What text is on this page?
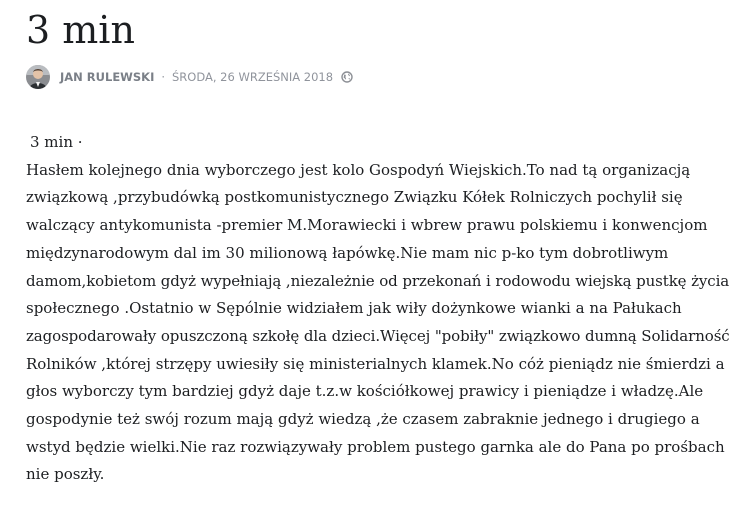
3 min
JAN RULEWSKI · ŚRODA, 26 WRZEŚNIA 2018
3 min ·

Hasłem kolejnego dnia wyborczego jest kolo Gospodyń Wiejskich.To nad tą organizacją

związkową ,przybudówką postkomunistycznego Związku Kółek Rolniczych pochylił się

walczący antykomunista -premier M.Morawiecki i wbrew prawu polskiemu i konwencjom

międzynarodowym dal im 30 milionową łapówkę.Nie mam nic p-ko tym dobrotliwym

damom,kobietom gdyż wypełniają ,niezależnie od przekonań i rodowodu wiejską pustkę życia

społecznego .Ostatnio w Sępólnie widziałem jak wiły dożynkowe wianki a na Pałukach

zagospodarowały opuszczoną szkołę dla dzieci.Więcej "pobiły" związkowo dumną Solidarność

Rolników ,której strzępy uwiesiły się ministerialnych klamek.No cóż pieniądz nie śmierdzi a

głos wyborczy tym bardziej gdyż daje t.z.w kościółkowej prawicy i pieniądze i władzę.Ale

gospodynie też swój rozum mają gdyż wiedzą ,że czasem zabraknie jednego i drugiego a

wstyd będzie wielki.Nie raz rozwiązywały problem pustego garnka ale do Pana po prośbach

nie poszły.
